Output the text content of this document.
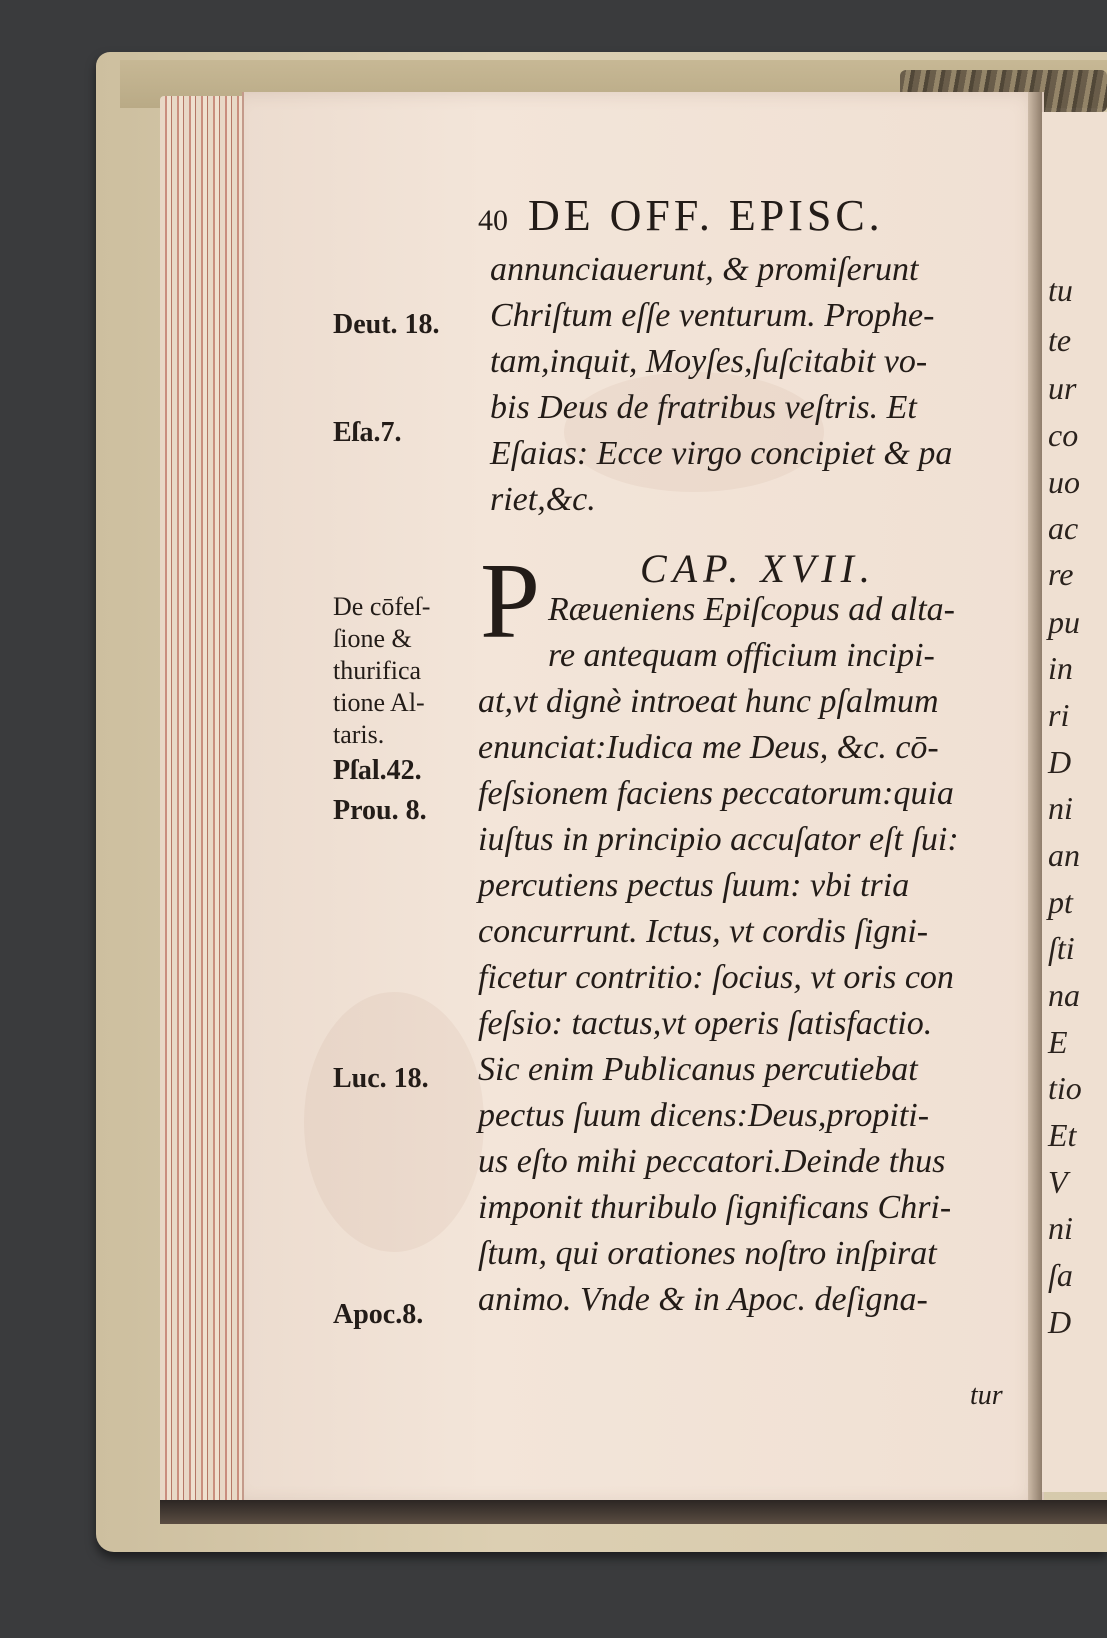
tu
te
ur
co
uo
ac
re
pu
in
ri
D
ni
an
pt
ſti
na
E
tio
Et
V
ni
ſa
D
40 DE OFF. EPISC.
annunciauerunt, & promiſerunt
Chriſtum eſſe venturum. Prophe-
tam,inquit, Moyſes,ſuſcitabit vo-
bis Deus de fratribus veſtris. Et
Eſaias: Ecce virgo concipiet & pa
riet,&c.
CAP. XVII.
P Ræueniens Epiſcopus ad alta-
re antequam officium incipi-
at,vt dignè introeat hunc pſalmum
enunciat:Iudica me Deus, &c. cō-
feſsionem faciens peccatorum:quia
iuſtus in principio accuſator eſt ſui:
percutiens pectus ſuum: vbi tria
concurrunt. Ictus, vt cordis ſigni-
ficetur contritio: ſocius, vt oris con
feſsio: tactus,vt operis ſatisfactio.
Sic enim Publicanus percutiebat
pectus ſuum dicens:Deus,propiti-
us eſto mihi peccatori.Deinde thus
imponit thuribulo ſignificans Chri-
ſtum, qui orationes noſtro inſpirat
animo. Vnde & in Apoc. deſigna-
tur
Deut. 18.
Eſa.7.
De cōfeſ-
ſione &
thurifica
tione Al-
taris.
Pſal.42.
Prou. 8.
Luc. 18.
Apoc.8.
